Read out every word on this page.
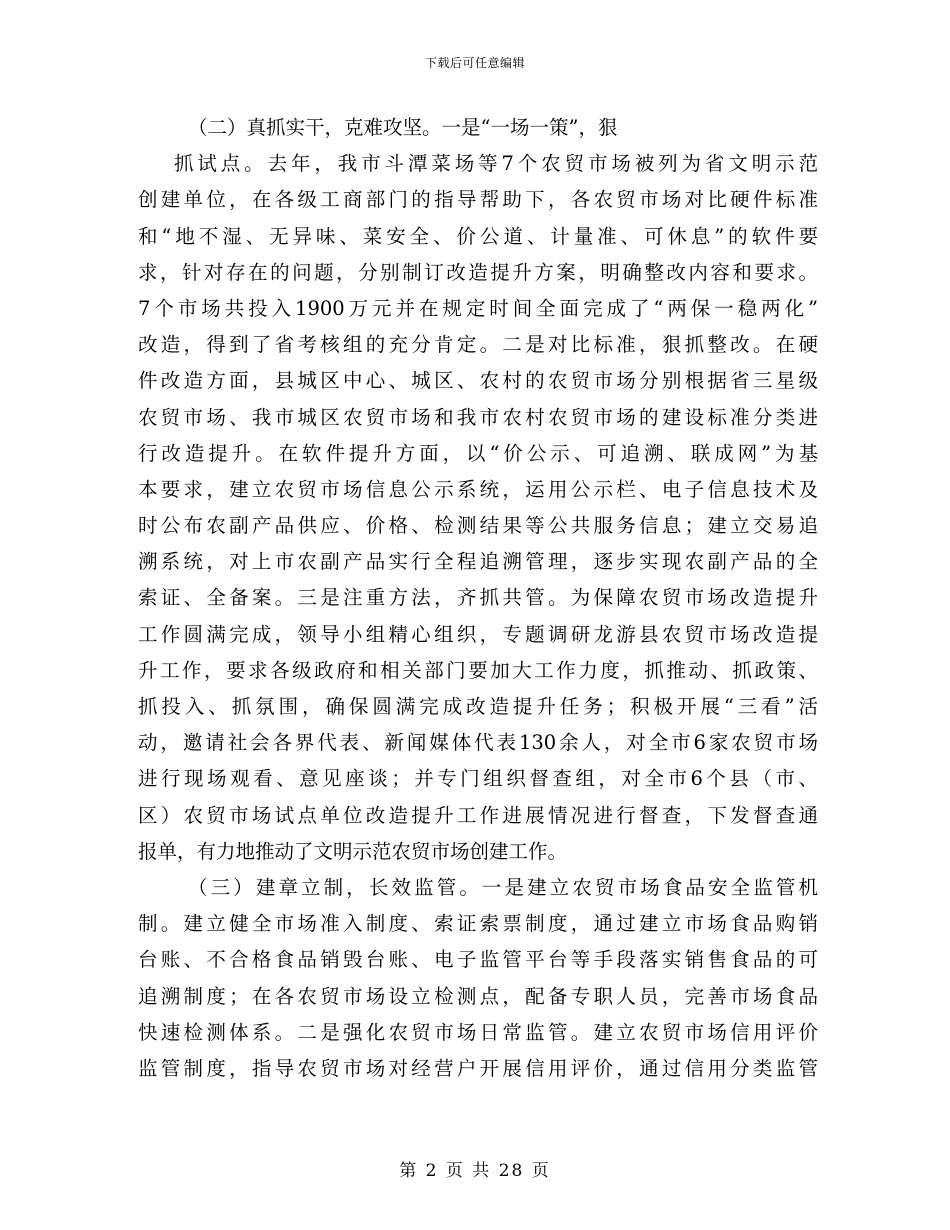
下载后可任意编辑
（二）真抓实干，克难攻坚。一是“一场一策”，狠
抓试点。去年，我市斗潭菜场等7个农贸市场被列为省文明示范
创建单位，在各级工商部门的指导帮助下，各农贸市场对比硬件标准
和“地不湿、无异味、菜安全、价公道、计量准、可休息”的软件要
求，针对存在的问题，分别制订改造提升方案，明确整改内容和要求。
7个市场共投入1900万元并在规定时间全面完成了“两保一稳两化”
改造，得到了省考核组的充分肯定。二是对比标准，狠抓整改。在硬
件改造方面，县城区中心、城区、农村的农贸市场分别根据省三星级
农贸市场、我市城区农贸市场和我市农村农贸市场的建设标准分类进
行改造提升。在软件提升方面，以“价公示、可追溯、联成网”为基
本要求，建立农贸市场信息公示系统，运用公示栏、电子信息技术及
时公布农副产品供应、价格、检测结果等公共服务信息；建立交易追
溯系统，对上市农副产品实行全程追溯管理，逐步实现农副产品的全
索证、全备案。三是注重方法，齐抓共管。为保障农贸市场改造提升
工作圆满完成，领导小组精心组织，专题调研龙游县农贸市场改造提
升工作，要求各级政府和相关部门要加大工作力度，抓推动、抓政策、
抓投入、抓氛围，确保圆满完成改造提升任务；积极开展“三看”活
动，邀请社会各界代表、新闻媒体代表130余人，对全市6家农贸市场
进行现场观看、意见座谈；并专门组织督查组，对全市6个县（市、
区）农贸市场试点单位改造提升工作进展情况进行督查，下发督查通
报单，有力地推动了文明示范农贸市场创建工作。
（三）建章立制，长效监管。一是建立农贸市场食品安全监管机
制。建立健全市场准入制度、索证索票制度，通过建立市场食品购销
台账、不合格食品销毁台账、电子监管平台等手段落实销售食品的可
追溯制度；在各农贸市场设立检测点，配备专职人员，完善市场食品
快速检测体系。二是强化农贸市场日常监管。建立农贸市场信用评价
监管制度，指导农贸市场对经营户开展信用评价，通过信用分类监管
第 2 页 共 28 页
